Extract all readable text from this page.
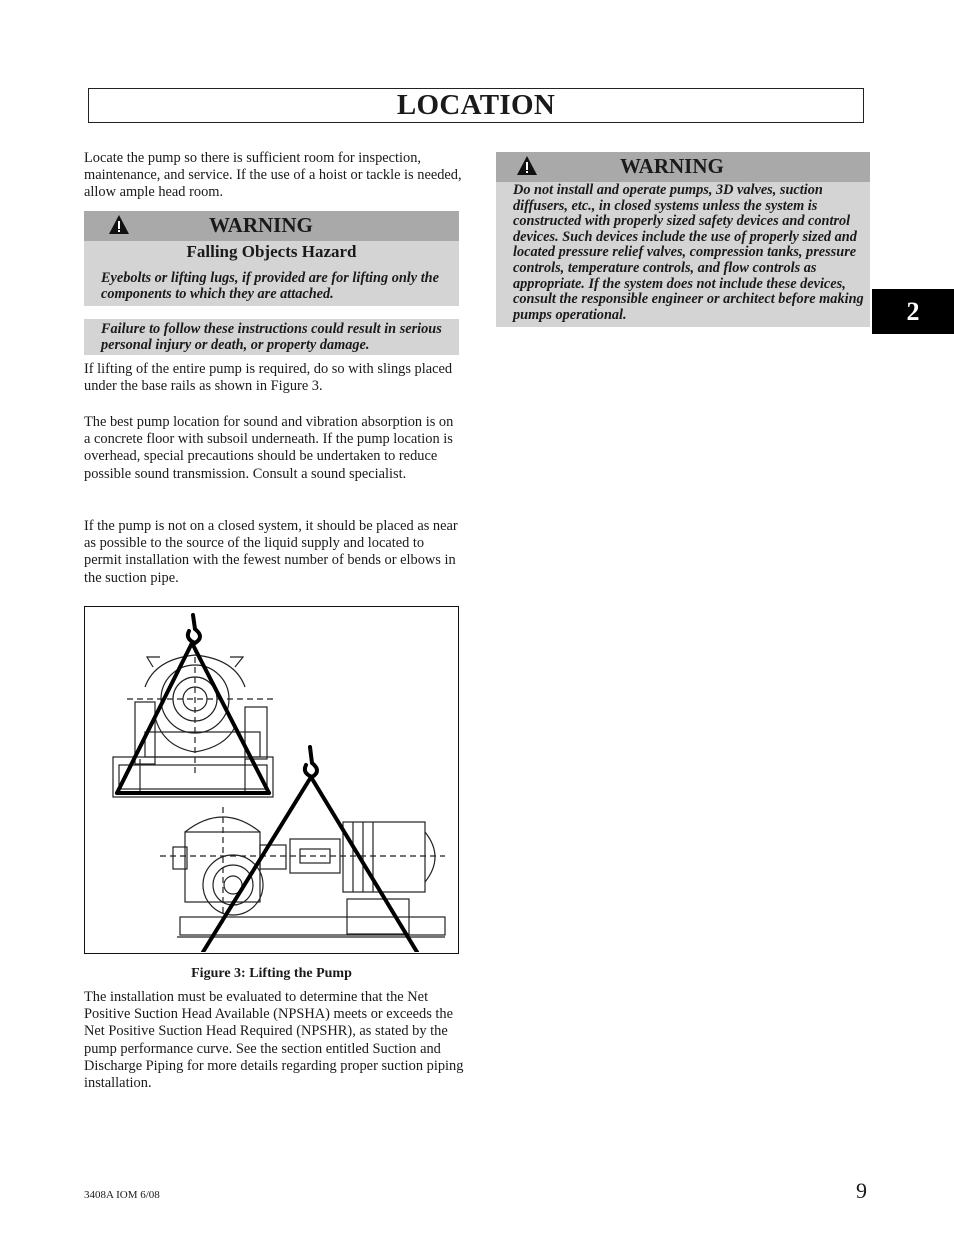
LOCATION

Locate the pump so there is sufficient room for inspection, maintenance, and service. If the use of a hoist or tackle is needed, allow ample head room.

WARNING
Falling Objects Hazard
Eyebolts or lifting lugs, if provided are for lifting only the components to which they are attached.
Failure to follow these instructions could result in serious personal injury or death, or property damage.

If lifting of the entire pump is required, do so with slings placed under the base rails as shown in Figure 3.

The best pump location for sound and vibration absorption is on a concrete floor with subsoil underneath. If the pump location is overhead, special precautions should be undertaken to reduce possible sound transmission. Consult a sound specialist.

If the pump is not on a closed system, it should be placed as near as possible to the source of the liquid supply and located to permit installation with the fewest number of bends or elbows in the suction pipe.

Figure 3: Lifting the Pump

The installation must be evaluated to determine that the Net Positive Suction Head Available (NPSHA) meets or exceeds the Net Positive Suction Head Required (NPSHR), as stated by the pump performance curve. See the section entitled Suction and Discharge Piping for more details regarding proper suction piping installation.

WARNING
Do not install and operate pumps, 3D valves, suction diffusers, etc., in closed systems unless the system is constructed with properly sized safety devices and control devices. Such devices include the use of properly sized and located pressure relief valves, compression tanks, pressure controls, temperature controls, and flow controls as appropriate. If the system does not include these devices, consult the responsible engineer or architect before making pumps operational.	2
3408A IOM 6/08	9
